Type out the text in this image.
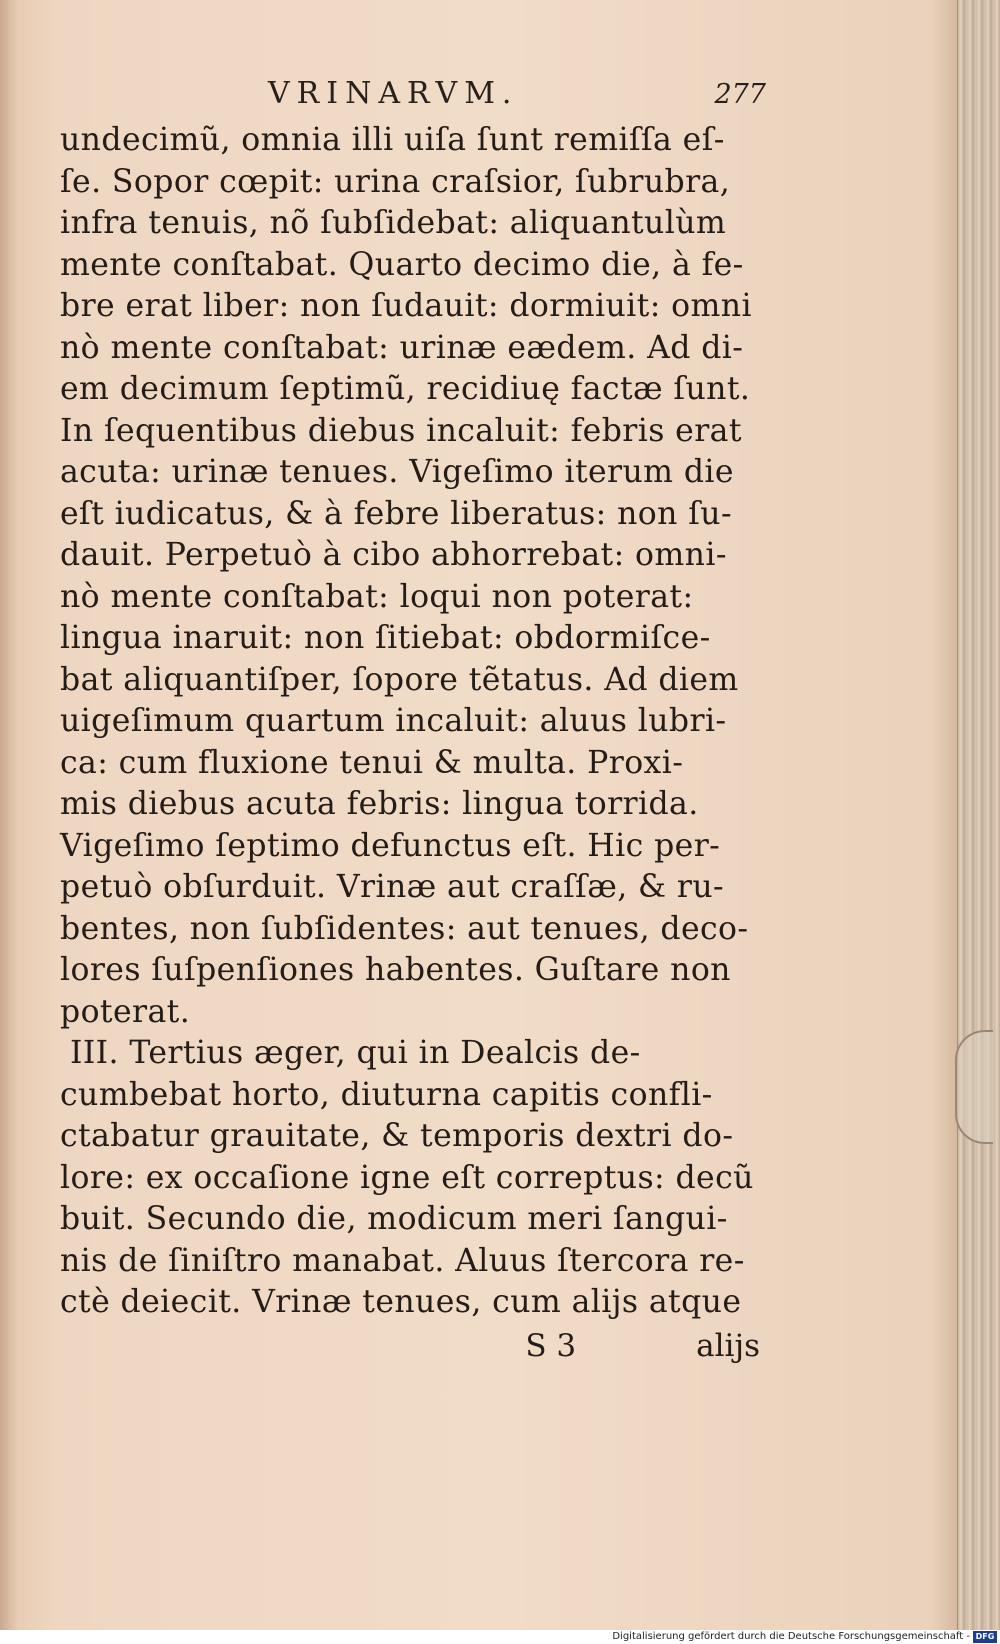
VRINARVM.	277
undecimũ, omnia illi uiſa ſunt remiſſa eſ-
ſe. Sopor cœpit: urina craſsior, ſubrubra,
infra tenuis, nõ ſubſidebat: aliquantulùm
mente conſtabat. Quarto decimo die, à fe-
bre erat liber: non ſudauit: dormiuit: omni
nò mente conſtabat: urinæ eædem. Ad di-
em decimum ſeptimũ, recidiuę factæ ſunt.
In ſequentibus diebus incaluit: febris erat
acuta: urinæ tenues. Vigeſimo iterum die
eſt iudicatus, & à febre liberatus: non ſu-
dauit. Perpetuò à cibo abhorrebat: omni-
nò mente conſtabat: loqui non poterat:
lingua inaruit: non ſitiebat: obdormiſce-
bat aliquantiſper, ſopore tẽtatus. Ad diem
uigeſimum quartum incaluit: aluus lubri-
ca: cum fluxione tenui & multa. Proxi-
mis diebus acuta febris: lingua torrida.
Vigeſimo ſeptimo defunctus eſt. Hic per-
petuò obſurduit. Vrinæ aut craſſæ, & ru-
bentes, non ſubſidentes: aut tenues, deco-
lores ſuſpenſiones habentes. Guſtare non
poterat.
III. Tertius æger, qui in Dealcis de-
cumbebat horto, diuturna capitis confli-
ctabatur grauitate, & temporis dextri do-
lore: ex occaſione igne eſt correptus: decũ
buit. Secundo die, modicum meri ſangui-
nis de ſiniſtro manabat. Aluus ſtercora re-
ctè deiecit. Vrinæ tenues, cum alijs atque
S 3	alijs
Digitalisierung gefördert durch die Deutsche Forschungsgemeinschaft - DFG
